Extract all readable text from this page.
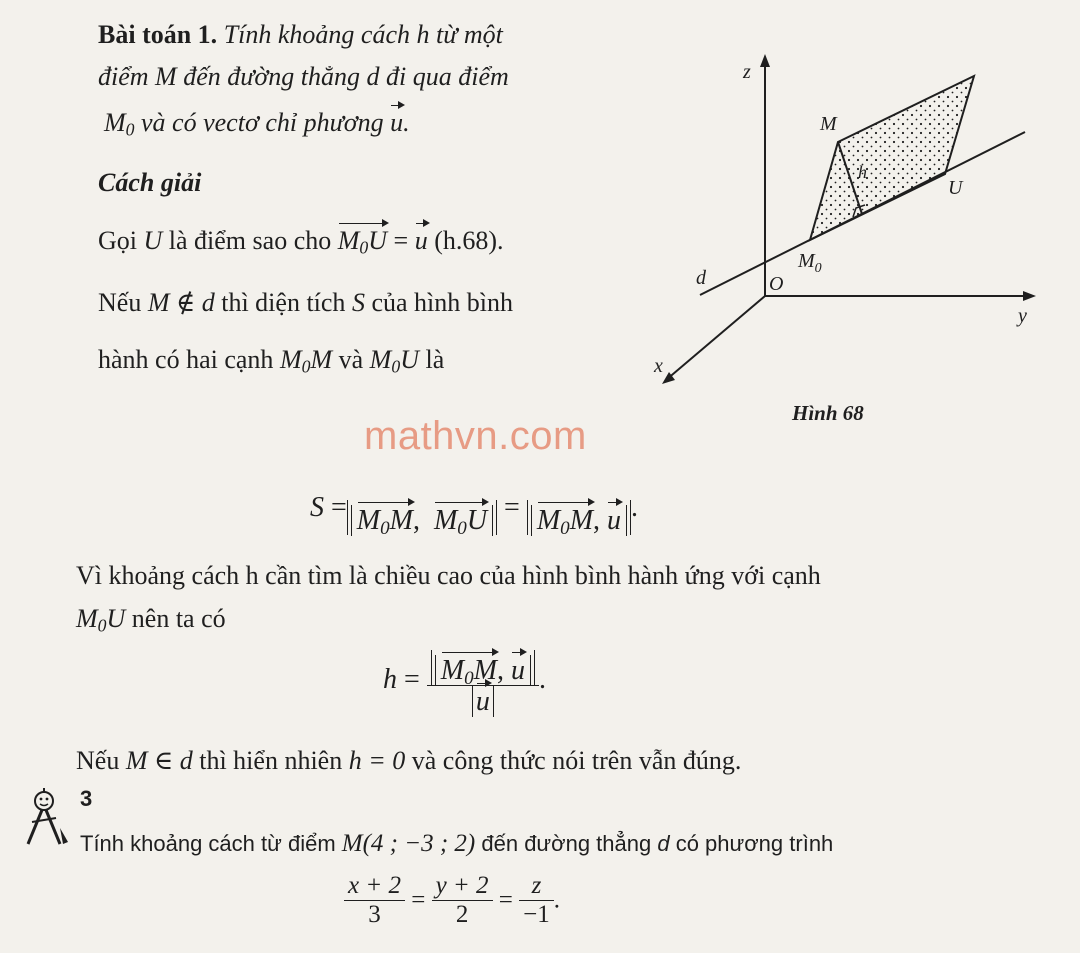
Bài toán 1. Tính khoảng cách h từ một
điểm M đến đường thẳng d đi qua điểm
$M_0$ và có vectơ chỉ phương u.
Cách giải
Gọi U là điểm sao cho $M_0U = u$ (h.68).
Nếu M ∉ d thì diện tích S của hình bình
hành có hai cạnh $M_0M$ và $M_0U$ là
z
y
x
O
d
M
h
U
$M_0$
Hình 68
mathvn.com
$S = M_0M$,  $M_0U = M_0M$, u .
Vì khoảng cách h cần tìm là chiều cao của hình bình hành ứng với cạnh
$M_0U$ nên ta có
$h = \frac{M_0M, u}{u}$ .
Nếu M ∈ d thì hiển nhiên h = 0 và công thức nói trên vẫn đúng.
3
Tính khoảng cách từ điểm M(4 ; −3 ; 2) đến đường thẳng d có phương trình
$\frac{x + 2}{3} = \frac{y + 2}{2} = \frac{z}{-1}$ .
